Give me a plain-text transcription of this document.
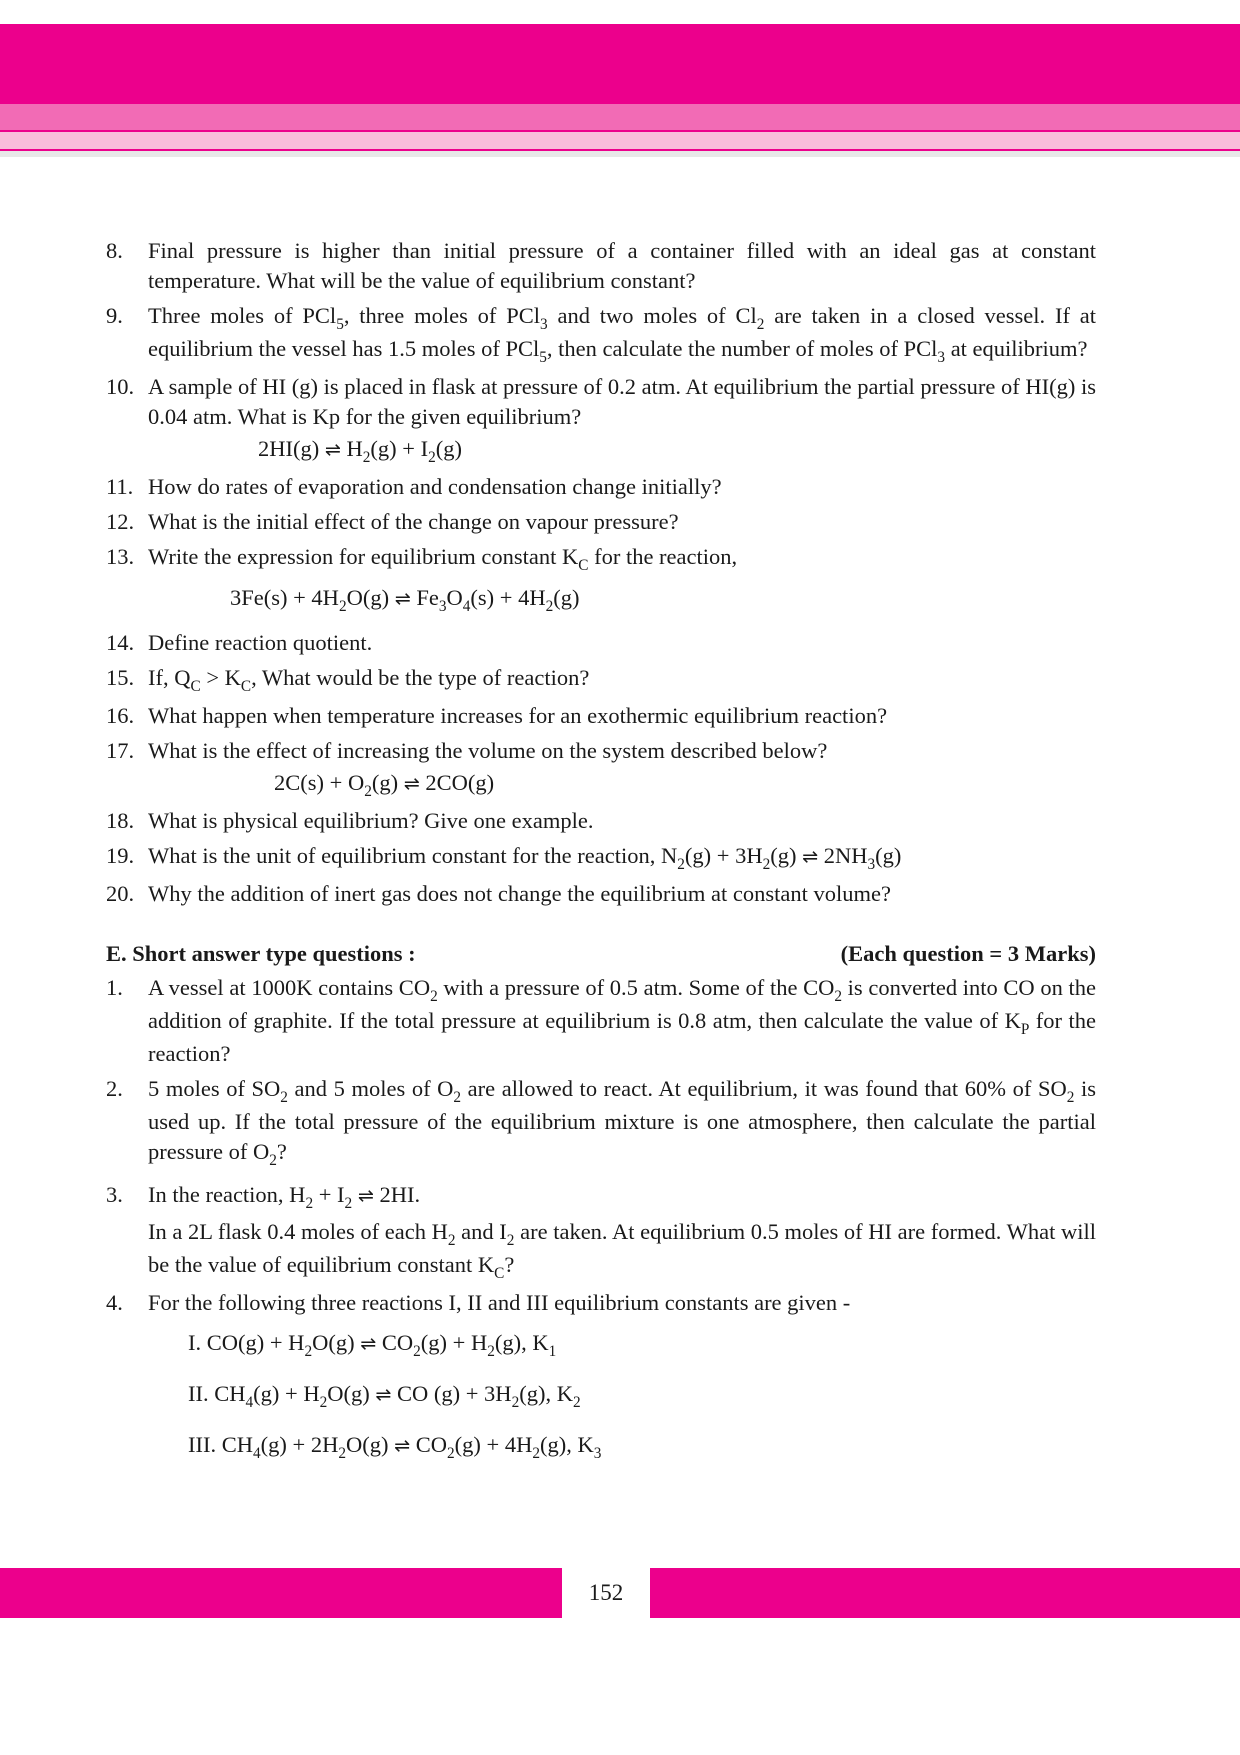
8. Final pressure is higher than initial pressure of a container filled with an ideal gas at constant temperature. What will be the value of equilibrium constant?
9. Three moles of PCl$_5$, three moles of PCl$_3$ and two moles of $Cl_2$ are taken in a closed vessel. If at equilibrium the vessel has 1.5 moles of PCl$_5$, then calculate the number of moles of PCl$_3$ at equilibrium?
10. A sample of HI (g) is placed in flask at pressure of 0.2 atm. At equilibrium the partial pressure of HI(g) is 0.04 atm. What is Kp for the given equilibrium?
2HI(g) ⇌ $H_2(g) + I_2(g)$
11. How do rates of evaporation and condensation change initially?
12. What is the initial effect of the change on vapour pressure?
13. Write the expression for equilibrium constant $K_C$ for the reaction,
$3Fe(s) + 4H_2O(g)$ ⇌ $Fe_3O_4(s) + 4H_2(g)$
14. Define reaction quotient.
15. If, $Q_C > K_C$, What would be the type of reaction?
16. What happen when temperature increases for an exothermic equilibrium reaction?
17. What is the effect of increasing the volume on the system described below?
$2C(s) + O_2(g)$ ⇌ 2CO(g)
18. What is physical equilibrium? Give one example.
19. What is the unit of equilibrium constant for the reaction, $N_2(g) + 3H_2(g)$ ⇌ $2NH_3(g)$
20. Why the addition of inert gas does not change the equilibrium at constant volume?
E. Short answer type questions :	(Each question = 3 Marks)
1. A vessel at 1000K contains $CO_2$ with a pressure of 0.5 atm. Some of the $CO_2$ is converted into CO on the addition of graphite. If the total pressure at equilibrium is 0.8 atm, then calculate the value of $K_P$ for the reaction?
2. 5 moles of $SO_2$ and 5 moles of $O_2$ are allowed to react. At equilibrium, it was found that 60% of $SO_2$ is used up. If the total pressure of the equilibrium mixture is one atmosphere, then calculate the partial pressure of $O_2$?
3. In the reaction, $H_2 + I_2$ ⇌ 2HI.
In a 2L flask 0.4 moles of each $H_2$ and $I_2$ are taken. At equilibrium 0.5 moles of HI are formed. What will be the value of equilibrium constant $K_C$?
4. For the following three reactions I, II and III equilibrium constants are given -
I. $CO(g) + H_2O(g)$ ⇌ $CO_2(g) + H_2(g)$, $K_1$
II. $CH_4(g) + H_2O(g)$ ⇌ CO $(g) + 3H_2(g)$, $K_2$
III. $CH_4(g) + 2H_2O(g)$ ⇌ $CO_2(g) + 4H_2(g)$, $K_3$
152
